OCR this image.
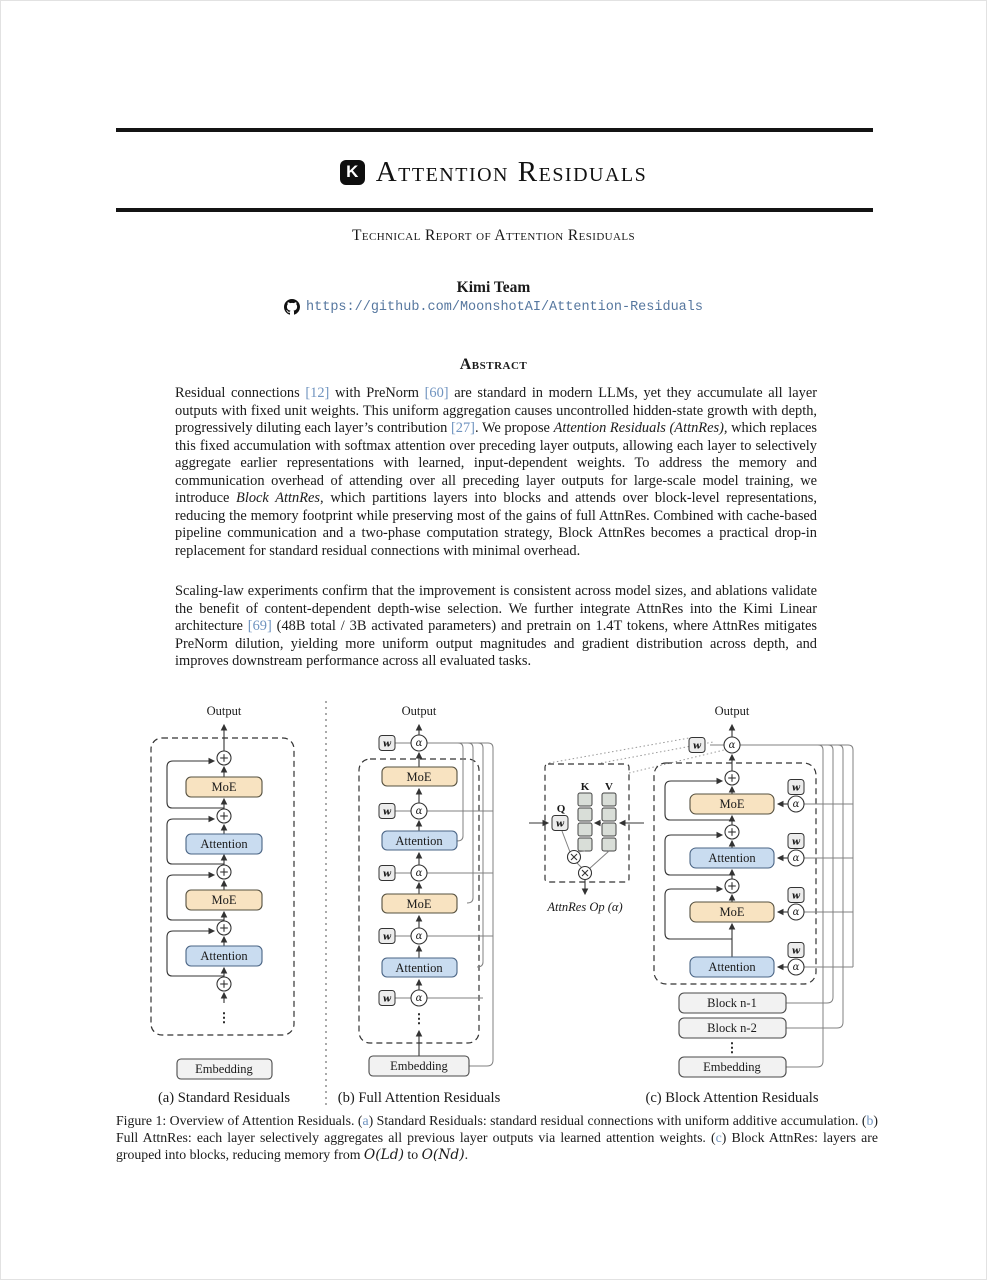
K Attention Residuals
Technical Report of Attention Residuals
Kimi Team
https://github.com/MoonshotAI/Attention-Residuals
Abstract
Residual connections [12] with PreNorm [60] are standard in modern LLMs, yet they accumulate all layer outputs with fixed unit weights. This uniform aggregation causes uncontrolled hidden-state growth with depth, progressively diluting each layer’s contribution [27]. We propose Attention Residuals (AttnRes), which replaces this fixed accumulation with softmax attention over preceding layer outputs, allowing each layer to selectively aggregate earlier representations with learned, input-dependent weights. To address the memory and communication overhead of attending over all preceding layer outputs for large-scale model training, we introduce Block AttnRes, which partitions layers into blocks and attends over block-level representations, reducing the memory footprint while preserving most of the gains of full AttnRes. Combined with cache-based pipeline communication and a two-phase computation strategy, Block AttnRes becomes a practical drop-in replacement for standard residual connections with minimal overhead.
Scaling-law experiments confirm that the improvement is consistent across model sizes, and ablations validate the benefit of content-dependent depth-wise selection. We further integrate AttnRes into the Kimi Linear architecture [69] (48B total / 3B activated parameters) and pretrain on 1.4T tokens, where AttnRes mitigates PreNorm dilution, yielding more uniform output magnitudes and gradient distribution across depth, and improves downstream performance across all evaluated tasks.
Output
MoE
Attention
MoE
Attention
⋮
Embedding
(a) Standard Residuals
Output
MoE
Attention
MoE
Attention
⋮
Embedding
(b) Full Attention Residuals
Q
K V
AttnRes Op (α)
Output
MoE
Attention
MoE
Attention
Block n-1
Block n-2
⋮
Embedding
(c) Block Attention Residuals
Figure 1: Overview of Attention Residuals. (a) Standard Residuals: standard residual connections with uniform additive accumulation. (b) Full AttnRes: each layer selectively aggregates all previous layer outputs via learned attention weights. (c) Block AttnRes: layers are grouped into blocks, reducing memory from O(Ld) to O(Nd).
